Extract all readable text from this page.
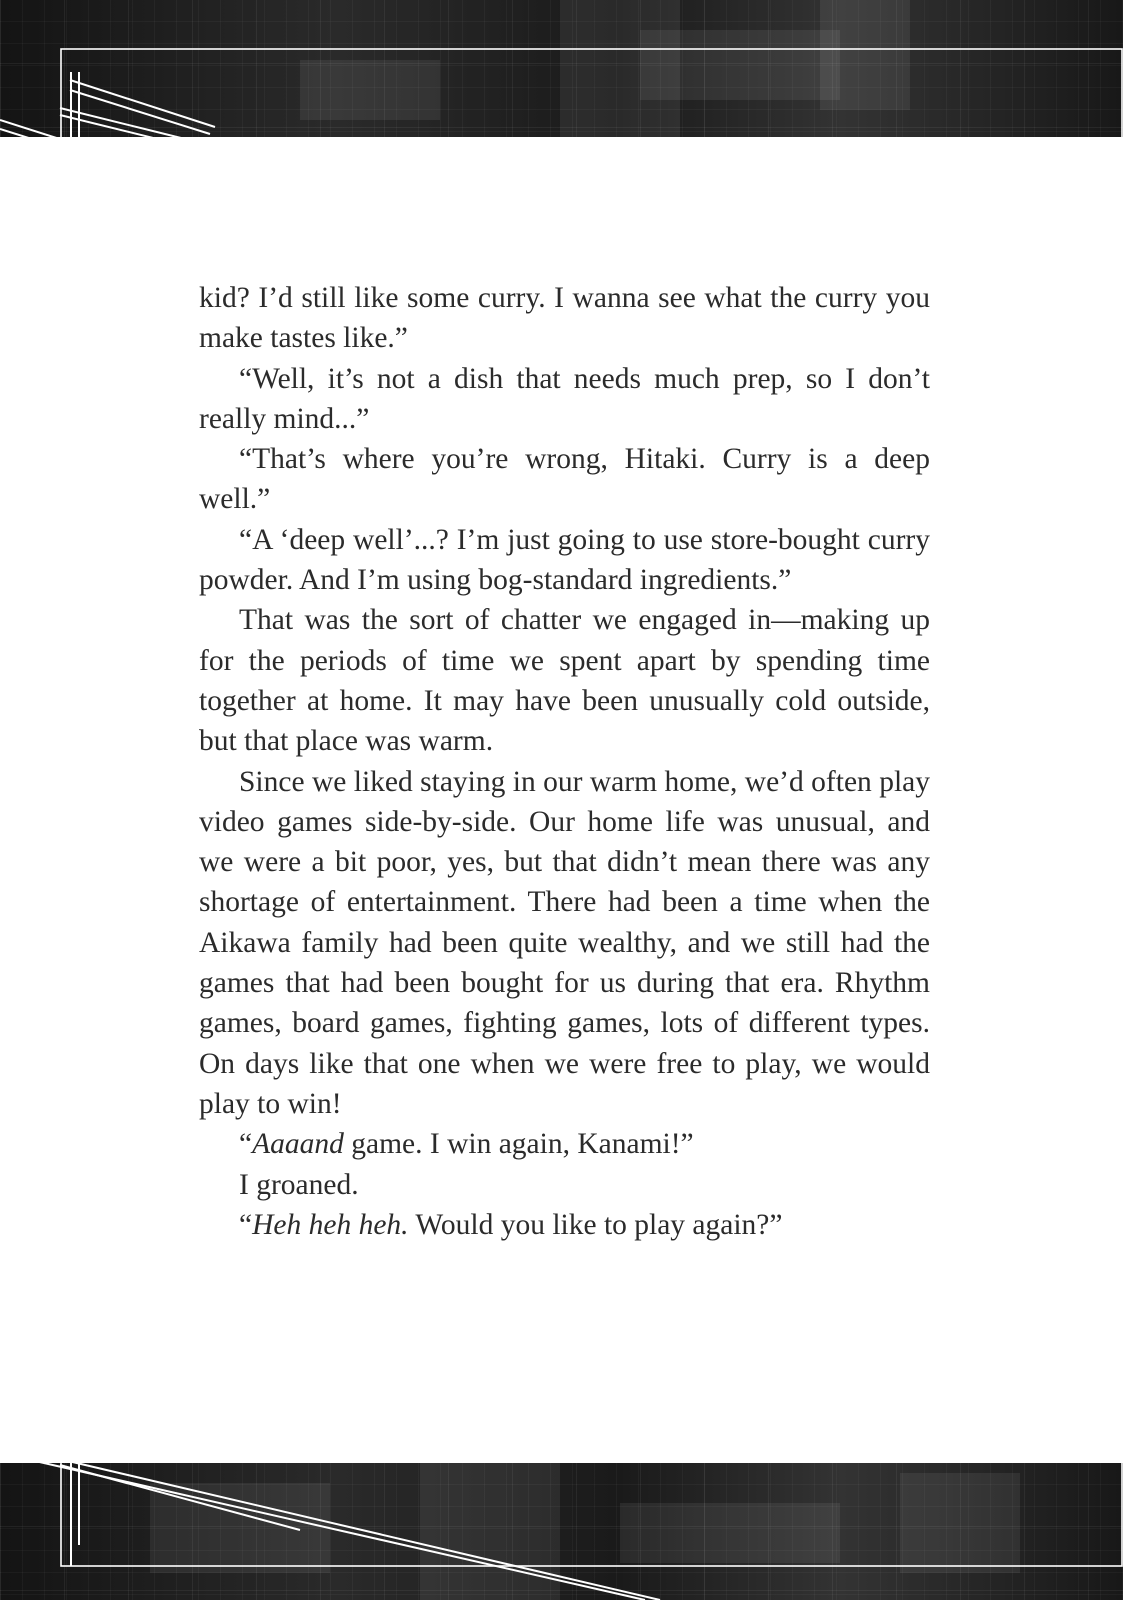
kid? I’d still like some curry. I wanna see what the curry you make tastes like.”

“Well, it’s not a dish that needs much prep, so I don’t really mind...”

“That’s where you’re wrong, Hitaki. Curry is a deep well.”

“A ‘deep well’...? I’m just going to use store-bought curry powder. And I’m using bog-standard ingredients.”

That was the sort of chatter we engaged in—making up for the periods of time we spent apart by spending time together at home. It may have been unusually cold outside, but that place was warm.

Since we liked staying in our warm home, we’d often play video games side-by-side. Our home life was unusual, and we were a bit poor, yes, but that didn’t mean there was any shortage of entertainment. There had been a time when the Aikawa family had been quite wealthy, and we still had the games that had been bought for us during that era. Rhythm games, board games, fighting games, lots of different types. On days like that one when we were free to play, we would play to win!

“Aaaand game. I win again, Kanami!”

I groaned.

“Heh heh heh. Would you like to play again?”
